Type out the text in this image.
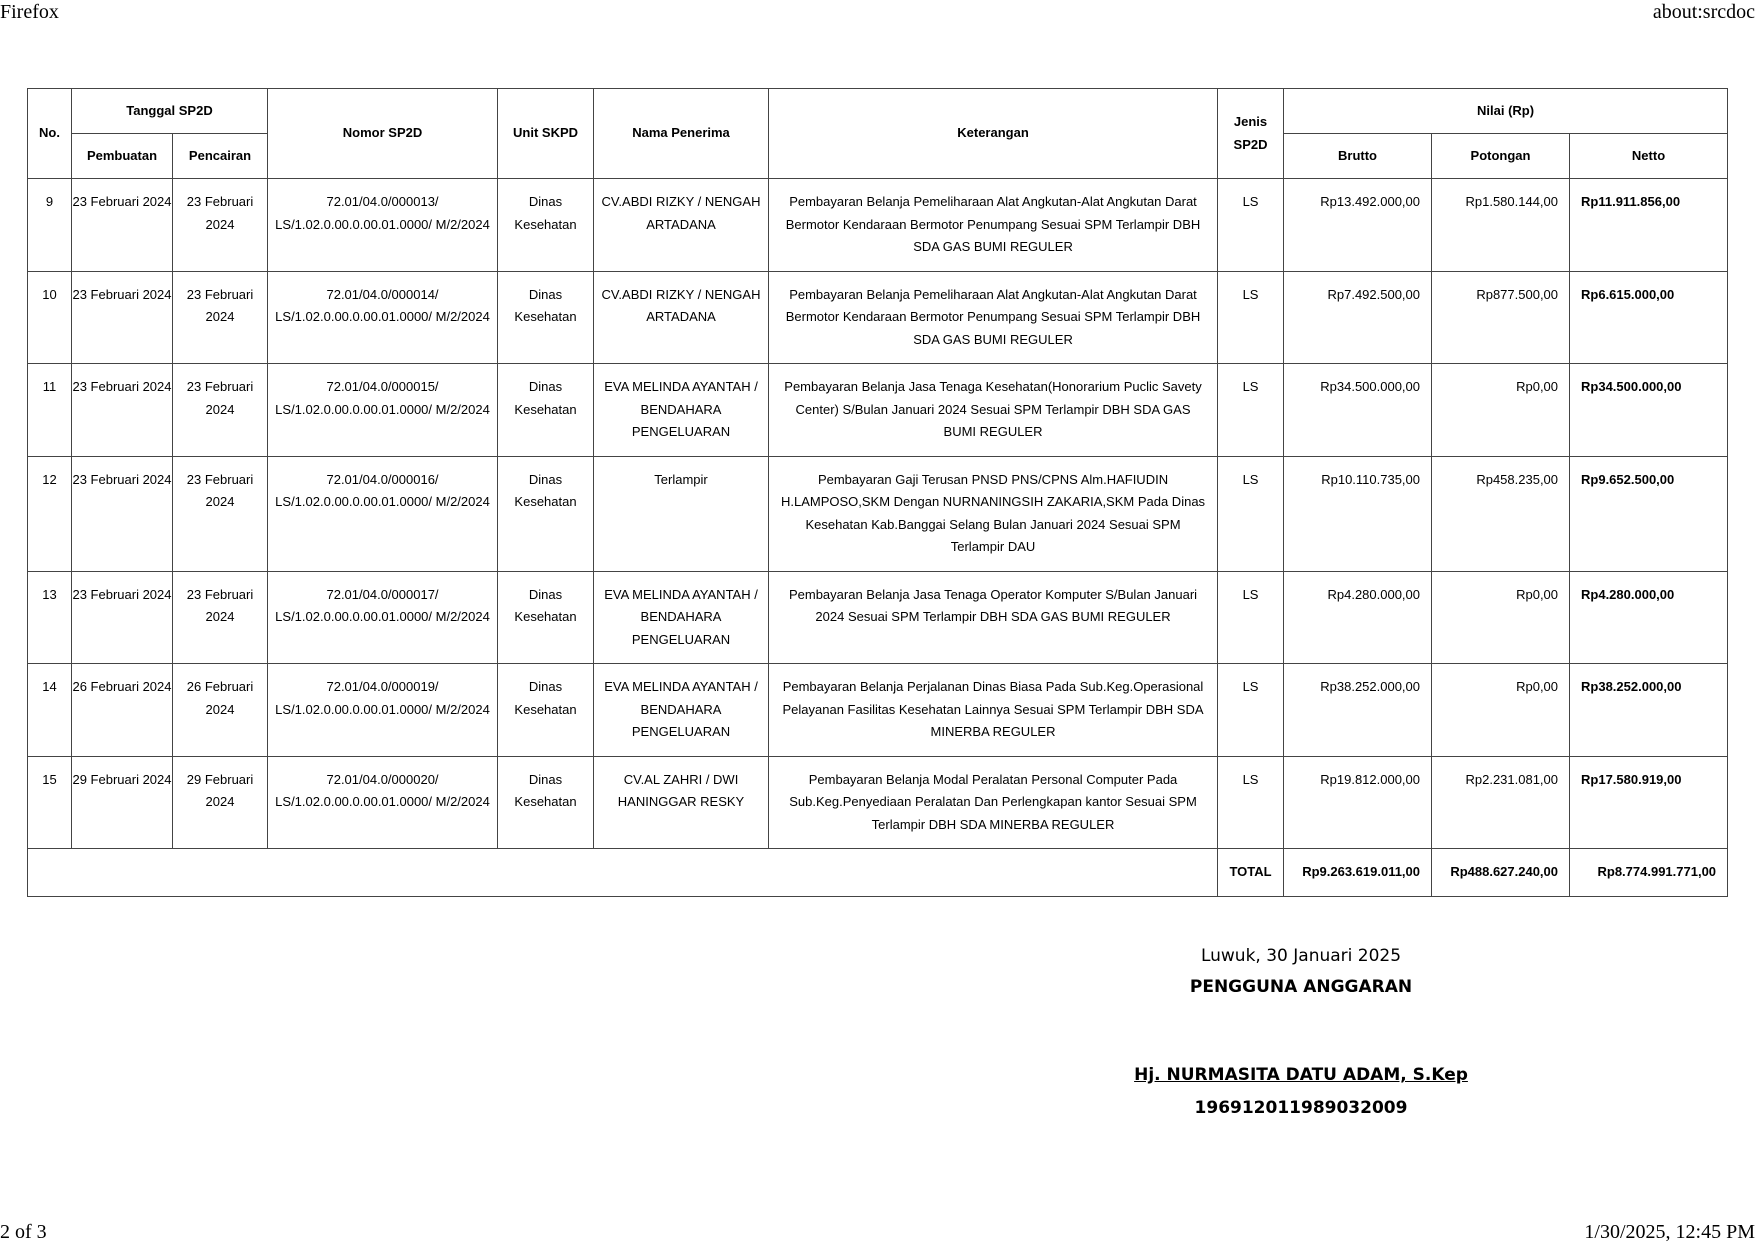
Firefox	about:srcdoc
No.	Tanggal SP2D		Nomor SP2D	Unit SKPD	Nama Penerima	Keterangan	Jenis SP2D	Nilai (Rp)		
	Pembuatan	Pencairan						Brutto	Potongan	Netto
9	23 Februari 2024	23 Februari 2024	72.01/04.0/000013/ LS/1.02.0.00.0.00.01.0000/ M/2/2024	Dinas Kesehatan	CV.ABDI RIZKY / NENGAH ARTADANA	Pembayaran Belanja Pemeliharaan Alat Angkutan-Alat Angkutan Darat Bermotor Kendaraan Bermotor Penumpang Sesuai SPM Terlampir DBH SDA GAS BUMI REGULER	LS	Rp13.492.000,00	Rp1.580.144,00	Rp11.911.856,00
10	23 Februari 2024	23 Februari 2024	72.01/04.0/000014/ LS/1.02.0.00.0.00.01.0000/ M/2/2024	Dinas Kesehatan	CV.ABDI RIZKY / NENGAH ARTADANA	Pembayaran Belanja Pemeliharaan Alat Angkutan-Alat Angkutan Darat Bermotor Kendaraan Bermotor Penumpang Sesuai SPM Terlampir DBH SDA GAS BUMI REGULER	LS	Rp7.492.500,00	Rp877.500,00	Rp6.615.000,00
11	23 Februari 2024	23 Februari 2024	72.01/04.0/000015/ LS/1.02.0.00.0.00.01.0000/ M/2/2024	Dinas Kesehatan	EVA MELINDA AYANTAH / BENDAHARA PENGELUARAN	Pembayaran Belanja Jasa Tenaga Kesehatan(Honorarium Puclic Savety Center) S/Bulan Januari 2024 Sesuai SPM Terlampir DBH SDA GAS BUMI REGULER	LS	Rp34.500.000,00	Rp0,00	Rp34.500.000,00
12	23 Februari 2024	23 Februari 2024	72.01/04.0/000016/ LS/1.02.0.00.0.00.01.0000/ M/2/2024	Dinas Kesehatan	Terlampir	Pembayaran Gaji Terusan PNSD PNS/CPNS Alm.HAFIUDIN H.LAMPOSO,SKM Dengan NURNANINGSIH ZAKARIA,SKM Pada Dinas Kesehatan Kab.Banggai Selang Bulan Januari 2024 Sesuai SPM Terlampir DAU	LS	Rp10.110.735,00	Rp458.235,00	Rp9.652.500,00
13	23 Februari 2024	23 Februari 2024	72.01/04.0/000017/ LS/1.02.0.00.0.00.01.0000/ M/2/2024	Dinas Kesehatan	EVA MELINDA AYANTAH / BENDAHARA PENGELUARAN	Pembayaran Belanja Jasa Tenaga Operator Komputer S/Bulan Januari 2024 Sesuai SPM Terlampir DBH SDA GAS BUMI REGULER	LS	Rp4.280.000,00	Rp0,00	Rp4.280.000,00
14	26 Februari 2024	26 Februari 2024	72.01/04.0/000019/ LS/1.02.0.00.0.00.01.0000/ M/2/2024	Dinas Kesehatan	EVA MELINDA AYANTAH / BENDAHARA PENGELUARAN	Pembayaran Belanja Perjalanan Dinas Biasa Pada Sub.Keg.Operasional Pelayanan Fasilitas Kesehatan Lainnya Sesuai SPM Terlampir DBH SDA MINERBA REGULER	LS	Rp38.252.000,00	Rp0,00	Rp38.252.000,00
15	29 Februari 2024	29 Februari 2024	72.01/04.0/000020/ LS/1.02.0.00.0.00.01.0000/ M/2/2024	Dinas Kesehatan	CV.AL ZAHRI / DWI HANINGGAR RESKY	Pembayaran Belanja Modal Peralatan Personal Computer Pada Sub.Keg.Penyediaan Peralatan Dan Perlengkapan kantor Sesuai SPM Terlampir DBH SDA MINERBA REGULER	LS	Rp19.812.000,00	Rp2.231.081,00	Rp17.580.919,00
							TOTAL	Rp9.263.619.011,00	Rp488.627.240,00	Rp8.774.991.771,00
Luwuk, 30 Januari 2025
PENGGUNA ANGGARAN
Hj. NURMASITA DATU ADAM, S.Kep
196912011989032009
2 of 3	1/30/2025, 12:45 PM
